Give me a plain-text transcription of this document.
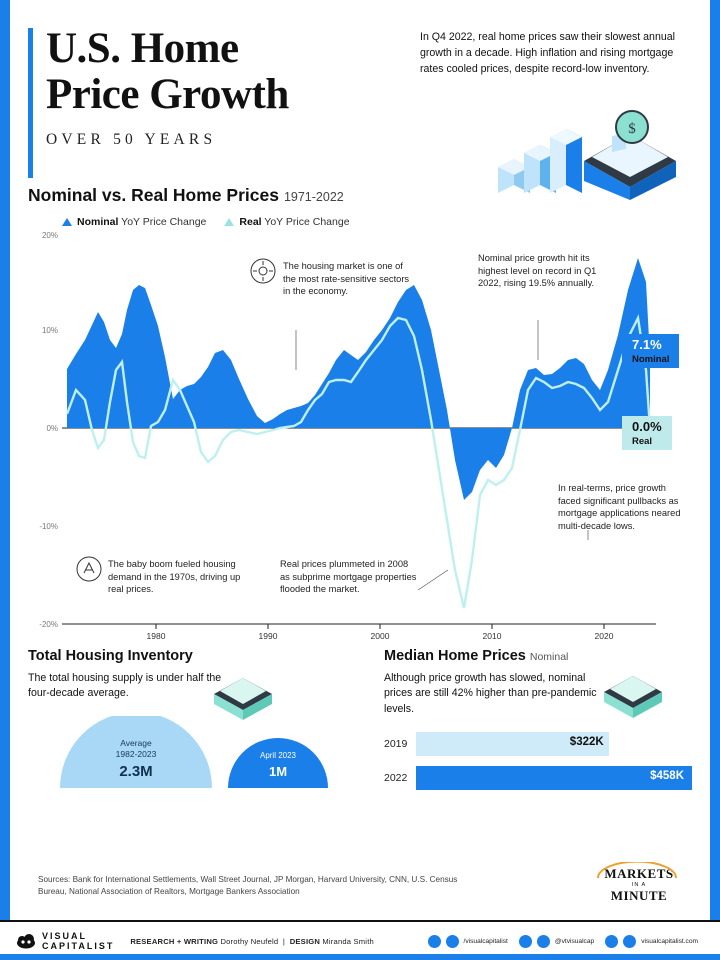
U.S. Home
Price Growth
OVER 50 YEARS
In Q4 2022, real home prices saw their slowest annual growth in a decade. High inflation and rising mortgage rates cooled prices, despite record-low inventory.
$
Nominal vs. Real Home Prices 1971-2022
Nominal YoY Price Change	Real YoY Price Change
20%
10%
0%
-10%
-20%
1980	1990	2000	2010	2020
The housing market is one of the most rate-sensitive sectors in the economy.
Nominal price growth hit its highest level on record in Q1 2022, rising 19.5% annually.
The baby boom fueled housing demand in the 1970s, driving up real prices.
Real prices plummeted in 2008 as subprime mortgage properties flooded the market.
In real-terms, price growth faced significant pullbacks as mortgage applications neared multi-decade lows.
7.1%
Nominal
0.0%
Real
Total Housing Inventory

The total housing supply is under half the four-decade average.

Average
1982-2023
2.3M
April 2023
1M
Median Home Prices Nominal

Although price growth has slowed, nominal prices are still 42% higher than pre-pandemic levels.

2019	$322K
2022	$458K
Sources: Bank for International Settlements, Wall Street Journal, JP Morgan, Harvard University, CNN, U.S. Census Bureau, National Association of Realtors, Mortgage Bankers Association
MARKETS
IN A
MINUTE
VISUAL
CAPITALIST RESEARCH + WRITING Dorothy Neufeld  |  DESIGN Miranda Smith	/visualcapitalist	@vtvisualcap	visualcapitalist.com
